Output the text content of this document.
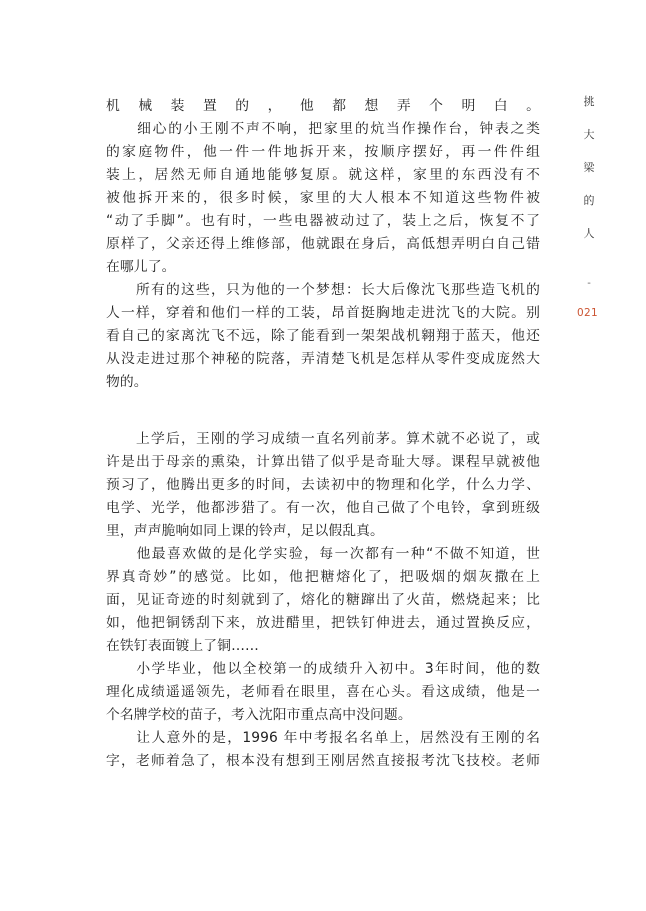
机械装置的，他都想弄个明白。
　　细心的小王刚不声不响，把家里的炕当作操作台，钟表之类
的家庭物件，他一件一件地拆开来，按顺序摆好，再一件件组
装上，居然无师自通地能够复原。就这样，家里的东西没有不
被他拆开来的，很多时候，家里的大人根本不知道这些物件被
“动了手脚”。也有时，一些电器被动过了，装上之后，恢复不了
原样了，父亲还得上维修部，他就跟在身后，高低想弄明白自己错
在哪儿了。
　　所有的这些，只为他的一个梦想：长大后像沈飞那些造飞机的
人一样，穿着和他们一样的工装，昂首挺胸地走进沈飞的大院。别
看自己的家离沈飞不远，除了能看到一架架战机翱翔于蓝天，他还
从没走进过那个神秘的院落，弄清楚飞机是怎样从零件变成庞然大
物的。
　　上学后，王刚的学习成绩一直名列前茅。算术就不必说了，或
许是出于母亲的熏染，计算出错了似乎是奇耻大辱。课程早就被他
预习了，他腾出更多的时间，去读初中的物理和化学，什么力学、
电学、光学，他都涉猎了。有一次，他自己做了个电铃，拿到班级
里，声声脆响如同上课的铃声，足以假乱真。
　　他最喜欢做的是化学实验，每一次都有一种“不做不知道，世
界真奇妙”的感觉。比如，他把糖熔化了，把吸烟的烟灰撒在上
面，见证奇迹的时刻就到了，熔化的糖蹿出了火苗，燃烧起来；比
如，他把铜锈刮下来，放进醋里，把铁钉伸进去，通过置换反应，
在铁钉表面镀上了铜……
　　小学毕业，他以全校第一的成绩升入初中。3年时间，他的数
理化成绩遥遥领先，老师看在眼里，喜在心头。看这成绩，他是一
个名牌学校的苗子，考入沈阳市重点高中没问题。
　　让人意外的是，1996 年中考报名名单上，居然没有王刚的名
字，老师着急了，根本没有想到王刚居然直接报考沈飞技校。老师
挑
大
梁
的
人
-
021
